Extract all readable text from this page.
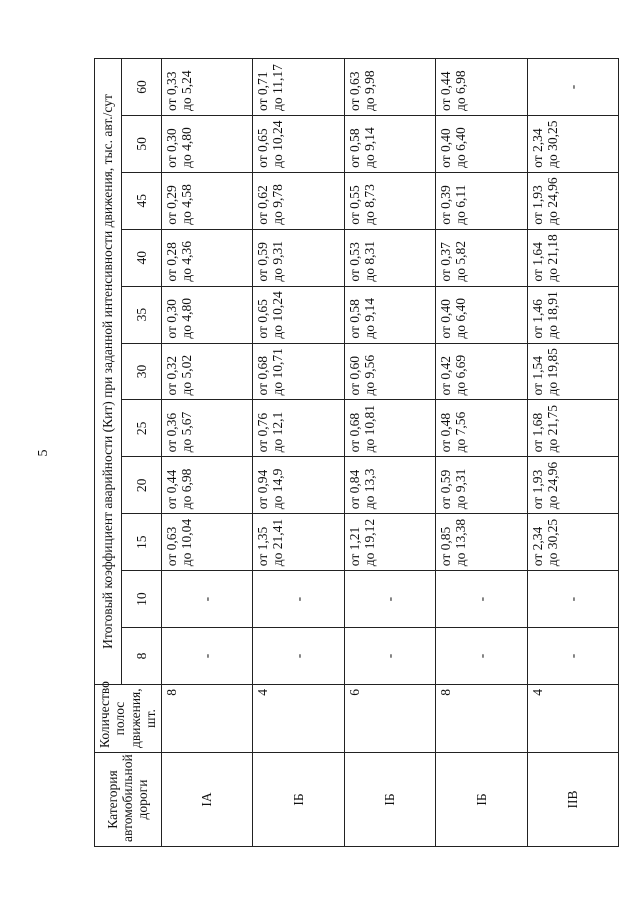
5
Категория автомобильной дороги	Количество полос движения, шт.	Итоговый коэффициент аварийности (Кит) при заданной интенсивности движения, тыс. авт./сут										
		8	10	15	20	25	30	35	40	45	50	60
IA	8	-	-	от 0,63 до 10,04	от 0,44 до 6,98	от 0,36 до 5,67	от 0,32 до 5,02	от 0,30 до 4,80	от 0,28 до 4,36	от 0,29 до 4,58	от 0,30 до 4,80	от 0,33 до 5,24
IБ	4	-	-	от 1,35 до 21,41	от 0,94 до 14,9	от 0,76 до 12,1	от 0,68 до 10,71	от 0,65 до 10,24	от 0,59 до 9,31	от 0,62 до 9,78	от 0,65 до 10,24	от 0,71 до 11,17
IБ	6	-	-	от 1,21 до 19,12	от 0,84 до 13,3	от 0,68 до 10,81	от 0,60 до 9,56	от 0,58 до 9,14	от 0,53 до 8,31	от 0,55 до 8,73	от 0,58 до 9,14	от 0,63 до 9,98
IБ	8	-	-	от 0,85 до 13,38	от 0,59 до 9,31	от 0,48 до 7,56	от 0,42 до 6,69	от 0,40 до 6,40	от 0,37 до 5,82	от 0,39 до 6,11	от 0,40 до 6,40	от 0,44 до 6,98
IIВ	4	-	-	от 2,34 до 30,25	от 1,93 до 24,96	от 1,68 до 21,75	от 1,54 до 19,85	от 1,46 до 18,91	от 1,64 до 21,18	от 1,93 до 24,96	от 2,34 до 30,25	-
